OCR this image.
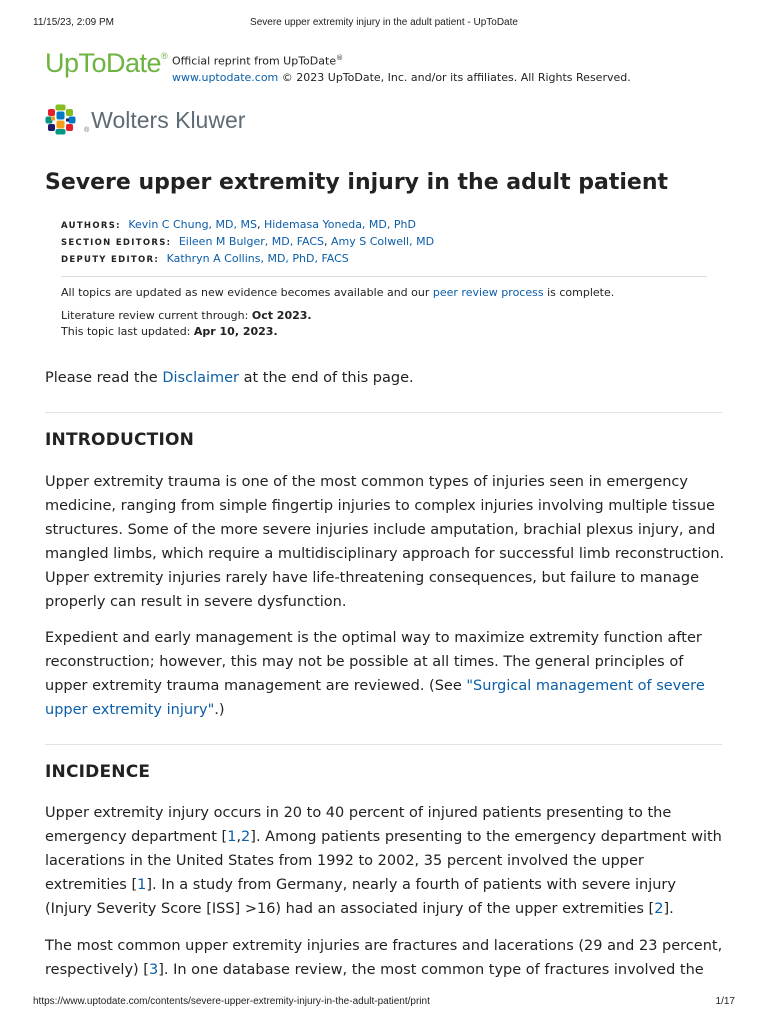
11/15/23, 2:09 PM	Severe upper extremity injury in the adult patient - UpToDate
UpToDate® Official reprint from UpToDate®
www.uptodate.com © 2023 UpToDate, Inc. and/or its affiliates. All Rights Reserved.
®Wolters Kluwer
Severe upper extremity injury in the adult patient
AUTHORS: Kevin C Chung, MD, MS, Hidemasa Yoneda, MD, PhD
SECTION EDITORS: Eileen M Bulger, MD, FACS, Amy S Colwell, MD
DEPUTY EDITOR: Kathryn A Collins, MD, PhD, FACS

All topics are updated as new evidence becomes available and our peer review process is complete.

Literature review current through: Oct 2023.

This topic last updated: Apr 10, 2023.

Please read the Disclaimer at the end of this page.

INTRODUCTION

Upper extremity trauma is one of the most common types of injuries seen in emergency medicine, ranging from simple fingertip injuries to complex injuries involving multiple tissue structures. Some of the more severe injuries include amputation, brachial plexus injury, and mangled limbs, which require a multidisciplinary approach for successful limb reconstruction. Upper extremity injuries rarely have life-threatening consequences, but failure to manage properly can result in severe dysfunction.

Expedient and early management is the optimal way to maximize extremity function after reconstruction; however, this may not be possible at all times. The general principles of upper extremity trauma management are reviewed. (See "Surgical management of severe upper extremity injury".)

INCIDENCE

Upper extremity injury occurs in 20 to 40 percent of injured patients presenting to the emergency department [1,2]. Among patients presenting to the emergency department with lacerations in the United States from 1992 to 2002, 35 percent involved the upper extremities [1]. In a study from Germany, nearly a fourth of patients with severe injury (Injury Severity Score [ISS] >16) had an associated injury of the upper extremities [2].

The most common upper extremity injuries are fractures and lacerations (29 and 23 percent, respectively) [3]. In one database review, the most common type of fractures involved the

https://www.uptodate.com/contents/severe-upper-extremity-injury-in-the-adult-patient/print	1/17
